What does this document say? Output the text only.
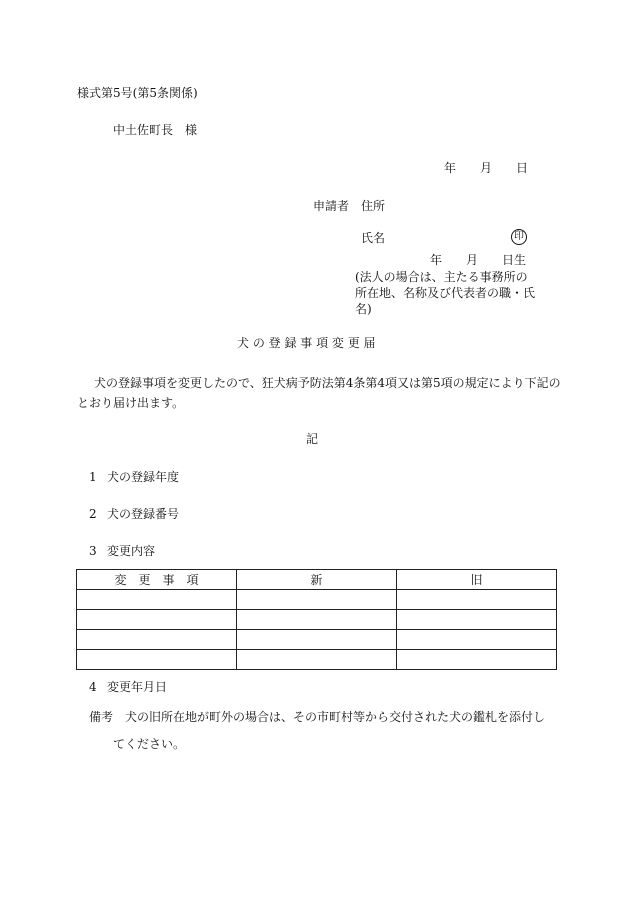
様式第5号(第5条関係)
中土佐町長　様
年　　月　　日
申請者 住所
氏名	印
年　　月　　日生
(法人の場合は、主たる事務所の
所在地、名称及び代表者の職・氏
名)
犬 の 登 録 事 項 変 更 届
犬の登録事項を変更したので、狂犬病予防法第4条第4項又は第5項の規定により下記の
とおり届け出ます。
記
1 犬の登録年度
2 犬の登録番号
3 変更内容
変　更　事　項	新	旧

4 変更年月日
備考 犬の旧所在地が町外の場合は、その市町村等から交付された犬の鑑札を添付し
てください。
